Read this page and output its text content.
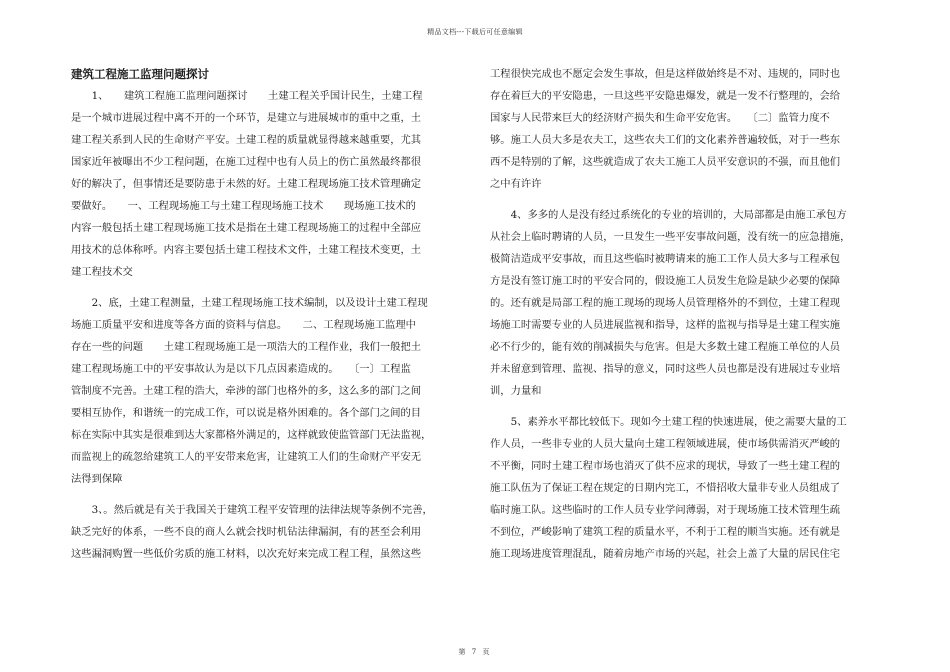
精品文档---下载后可任意编辑
建筑工程施工监理问题探讨
　　1、　　建筑工程施工监理问题探讨　　土建工程关乎国计民生，土建工程
是一个城市进展过程中离不开的一个环节，是建立与进展城市的重中之重，土
建工程关系到人民的生命财产平安。土建工程的质量就显得越来越重要，尤其
国家近年被曝出不少工程问题，在施工过程中也有人员上的伤亡虽然最终都很
好的解决了，但事情还是要防患于未然的好。土建工程现场施工技术管理确定
要做好。　　一、工程现场施工与土建工程现场施工技术　　现场施工技术的
内容一般包括土建工程现场施工技术是指在土建工程现场施工的过程中全部应
用技术的总体称呼。内容主要包括土建工程技术文件，土建工程技术变更，土
建工程技术交
　　2、底，土建工程测量，土建工程现场施工技术编制，以及设计土建工程现
场施工质量平安和进度等各方面的资料与信息。　　二、工程现场施工监理中
存在一些的问题　　土建工程现场施工是一项浩大的工程作业，我们一般把土
建工程现场施工中的平安事故认为是以下几点因素造成的。　　〔一〕工程监
管制度不完善。土建工程的浩大，牵涉的部门也格外的多，这么多的部门之间
要相互协作，和谐统一的完成工作，可以说是格外困难的。各个部门之间的目
标在实际中其实是很难到达大家都格外满足的，这样就致使监管部门无法监视，
而监视上的疏忽给建筑工人的平安带来危害，让建筑工人们的生命财产平安无
法得到保障
　　3、。然后就是有关于我国关于建筑工程平安管理的法律法规等条例不完善，
缺乏完好的体系，一些不良的商人么就会找时机钻法律漏洞，有的甚至会利用
这些漏洞购置一些低价劣质的施工材料，以次充好来完成工程工程，虽然这些
工程很快完成也不愿定会发生事故，但是这样做始终是不对、违规的，同时也
存在着巨大的平安隐患，一旦这些平安隐患爆发，就是一发不行整理的，会给
国家与人民带来巨大的经济财产损失和生命平安危害。　　〔二〕监管力度不
够。施工人员大多是农夫工，这些农夫工们的文化素养普遍较低，对于一些东
西不是特别的了解，这些就造成了农夫工施工人员平安意识的不强，而且他们
之中有许许
　　4、多多的人是没有经过系统化的专业的培训的，大局部都是由施工承包方
从社会上临时聘请的人员，一旦发生一些平安事故问题，没有统一的应急措施，
极简洁造成平安事故，而且这些临时被聘请来的施工工作人员大多与工程承包
方是没有签订施工时的平安合同的，假设施工人员发生危险是缺少必要的保障
的。还有就是局部工程的施工现场的现场人员管理格外的不到位，土建工程现
场施工时需要专业的人员进展监视和指导，这样的监视与指导是土建工程实施
必不行少的，能有效的削减损失与危害。但是大多数土建工程施工单位的人员
并未留意到管理、监视、指导的意义，同时这些人员也都是没有进展过专业培
训，力量和
　　5、素养水平都比较低下。现如今土建工程的快速进展，使之需要大量的工
作人员，一些非专业的人员大量向土建工程领域进展，使市场供需消灭严峻的
不平衡，同时土建工程市场也消灭了供不应求的现状，导致了一些土建工程的
施工队伍为了保证工程在规定的日期内完工，不惜招收大量非专业人员组成了
临时施工队。这些临时的工作人员专业学问薄弱，对于现场施工技术管理生疏
不到位，严峻影响了建筑工程的质量水平，不利于工程的顺当实施。还有就是
施工现场进度管理混乱，随着房地产市场的兴起，社会上盖了大量的居民住宅
第 7 页
